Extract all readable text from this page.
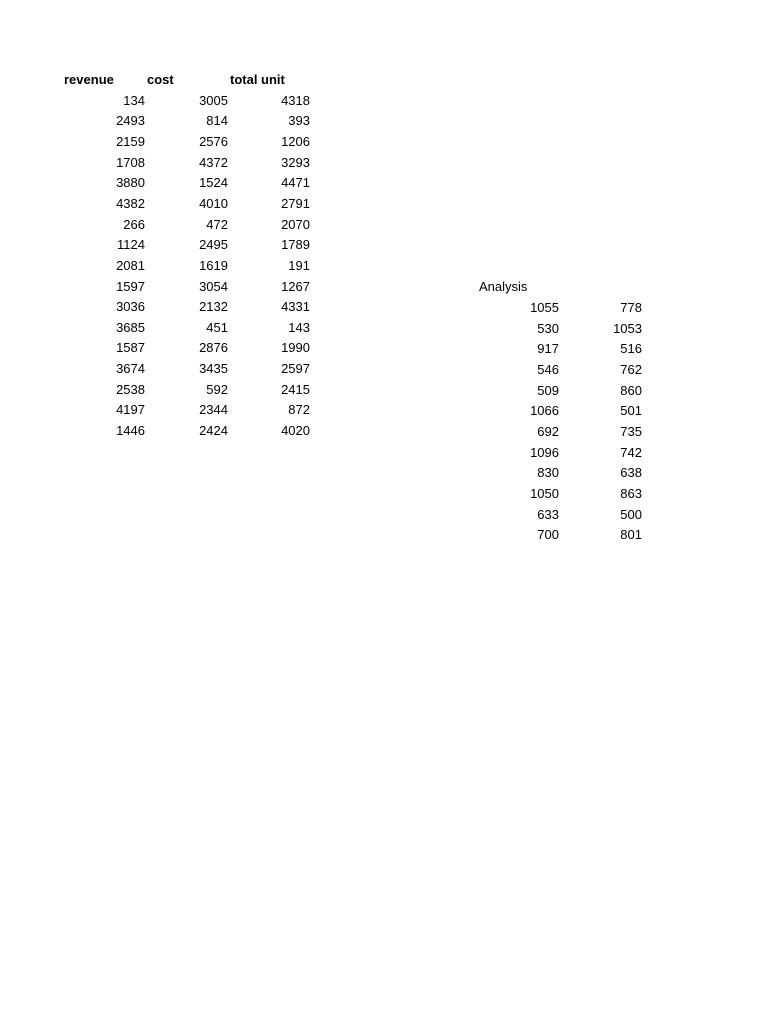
revenue	cost	total unit
134	3005	4318
2493	814	393
2159	2576	1206
1708	4372	3293
3880	1524	4471
4382	4010	2791
266	472	2070
1124	2495	1789
2081	1619	191
1597	3054	1267
3036	2132	4331
3685	451	143
1587	2876	1990
3674	3435	2597
2538	592	2415
4197	2344	872
1446	2424	4020
Analysis
1055	778
530	1053
917	516
546	762
509	860
1066	501
692	735
1096	742
830	638
1050	863
633	500
700	801
